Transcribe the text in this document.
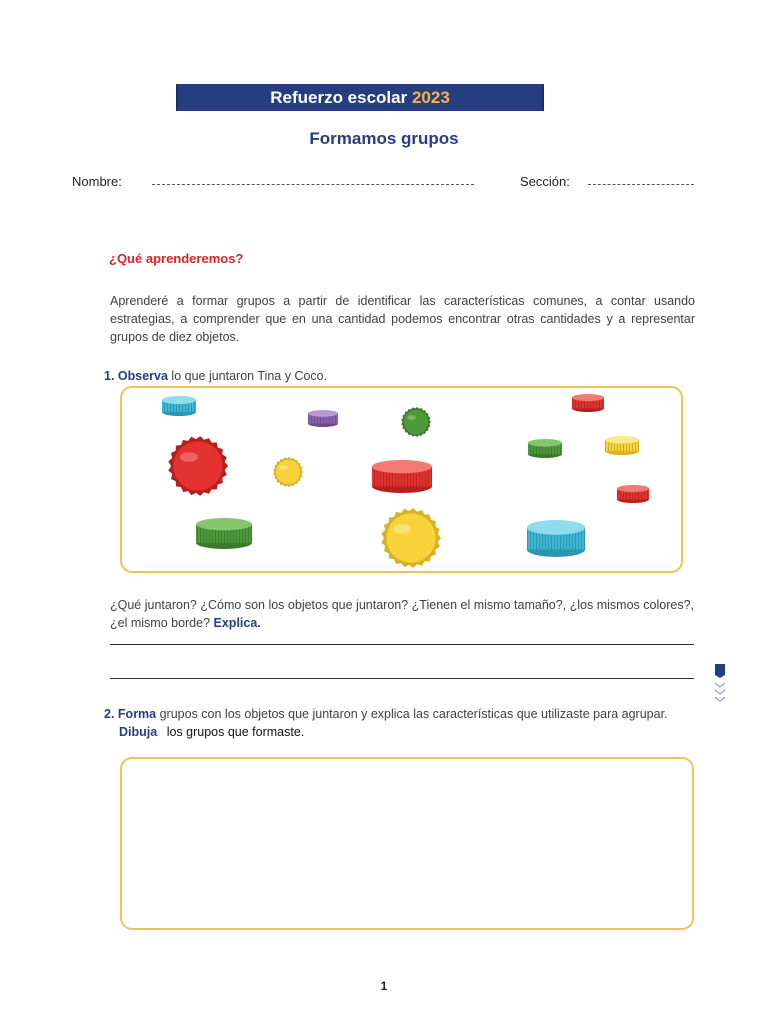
Refuerzo escolar 2023
Formamos grupos
Nombre:	Sección:
¿Qué aprenderemos?
Aprenderé a formar grupos a partir de identificar las características comunes, a contar usando estrategias, a comprender que en una cantidad podemos encontrar otras cantidades y a representar grupos de diez objetos.
1. Observa lo que juntaron Tina y Coco.
¿Qué juntaron? ¿Cómo son los objetos que juntaron? ¿Tienen el mismo tamaño?, ¿los mismos colores?, ¿el mismo borde? Explica.
2. Forma grupos con los objetos que juntaron y explica las características que utilizaste para agrupar.
Dibuja los grupos que formaste.
1
